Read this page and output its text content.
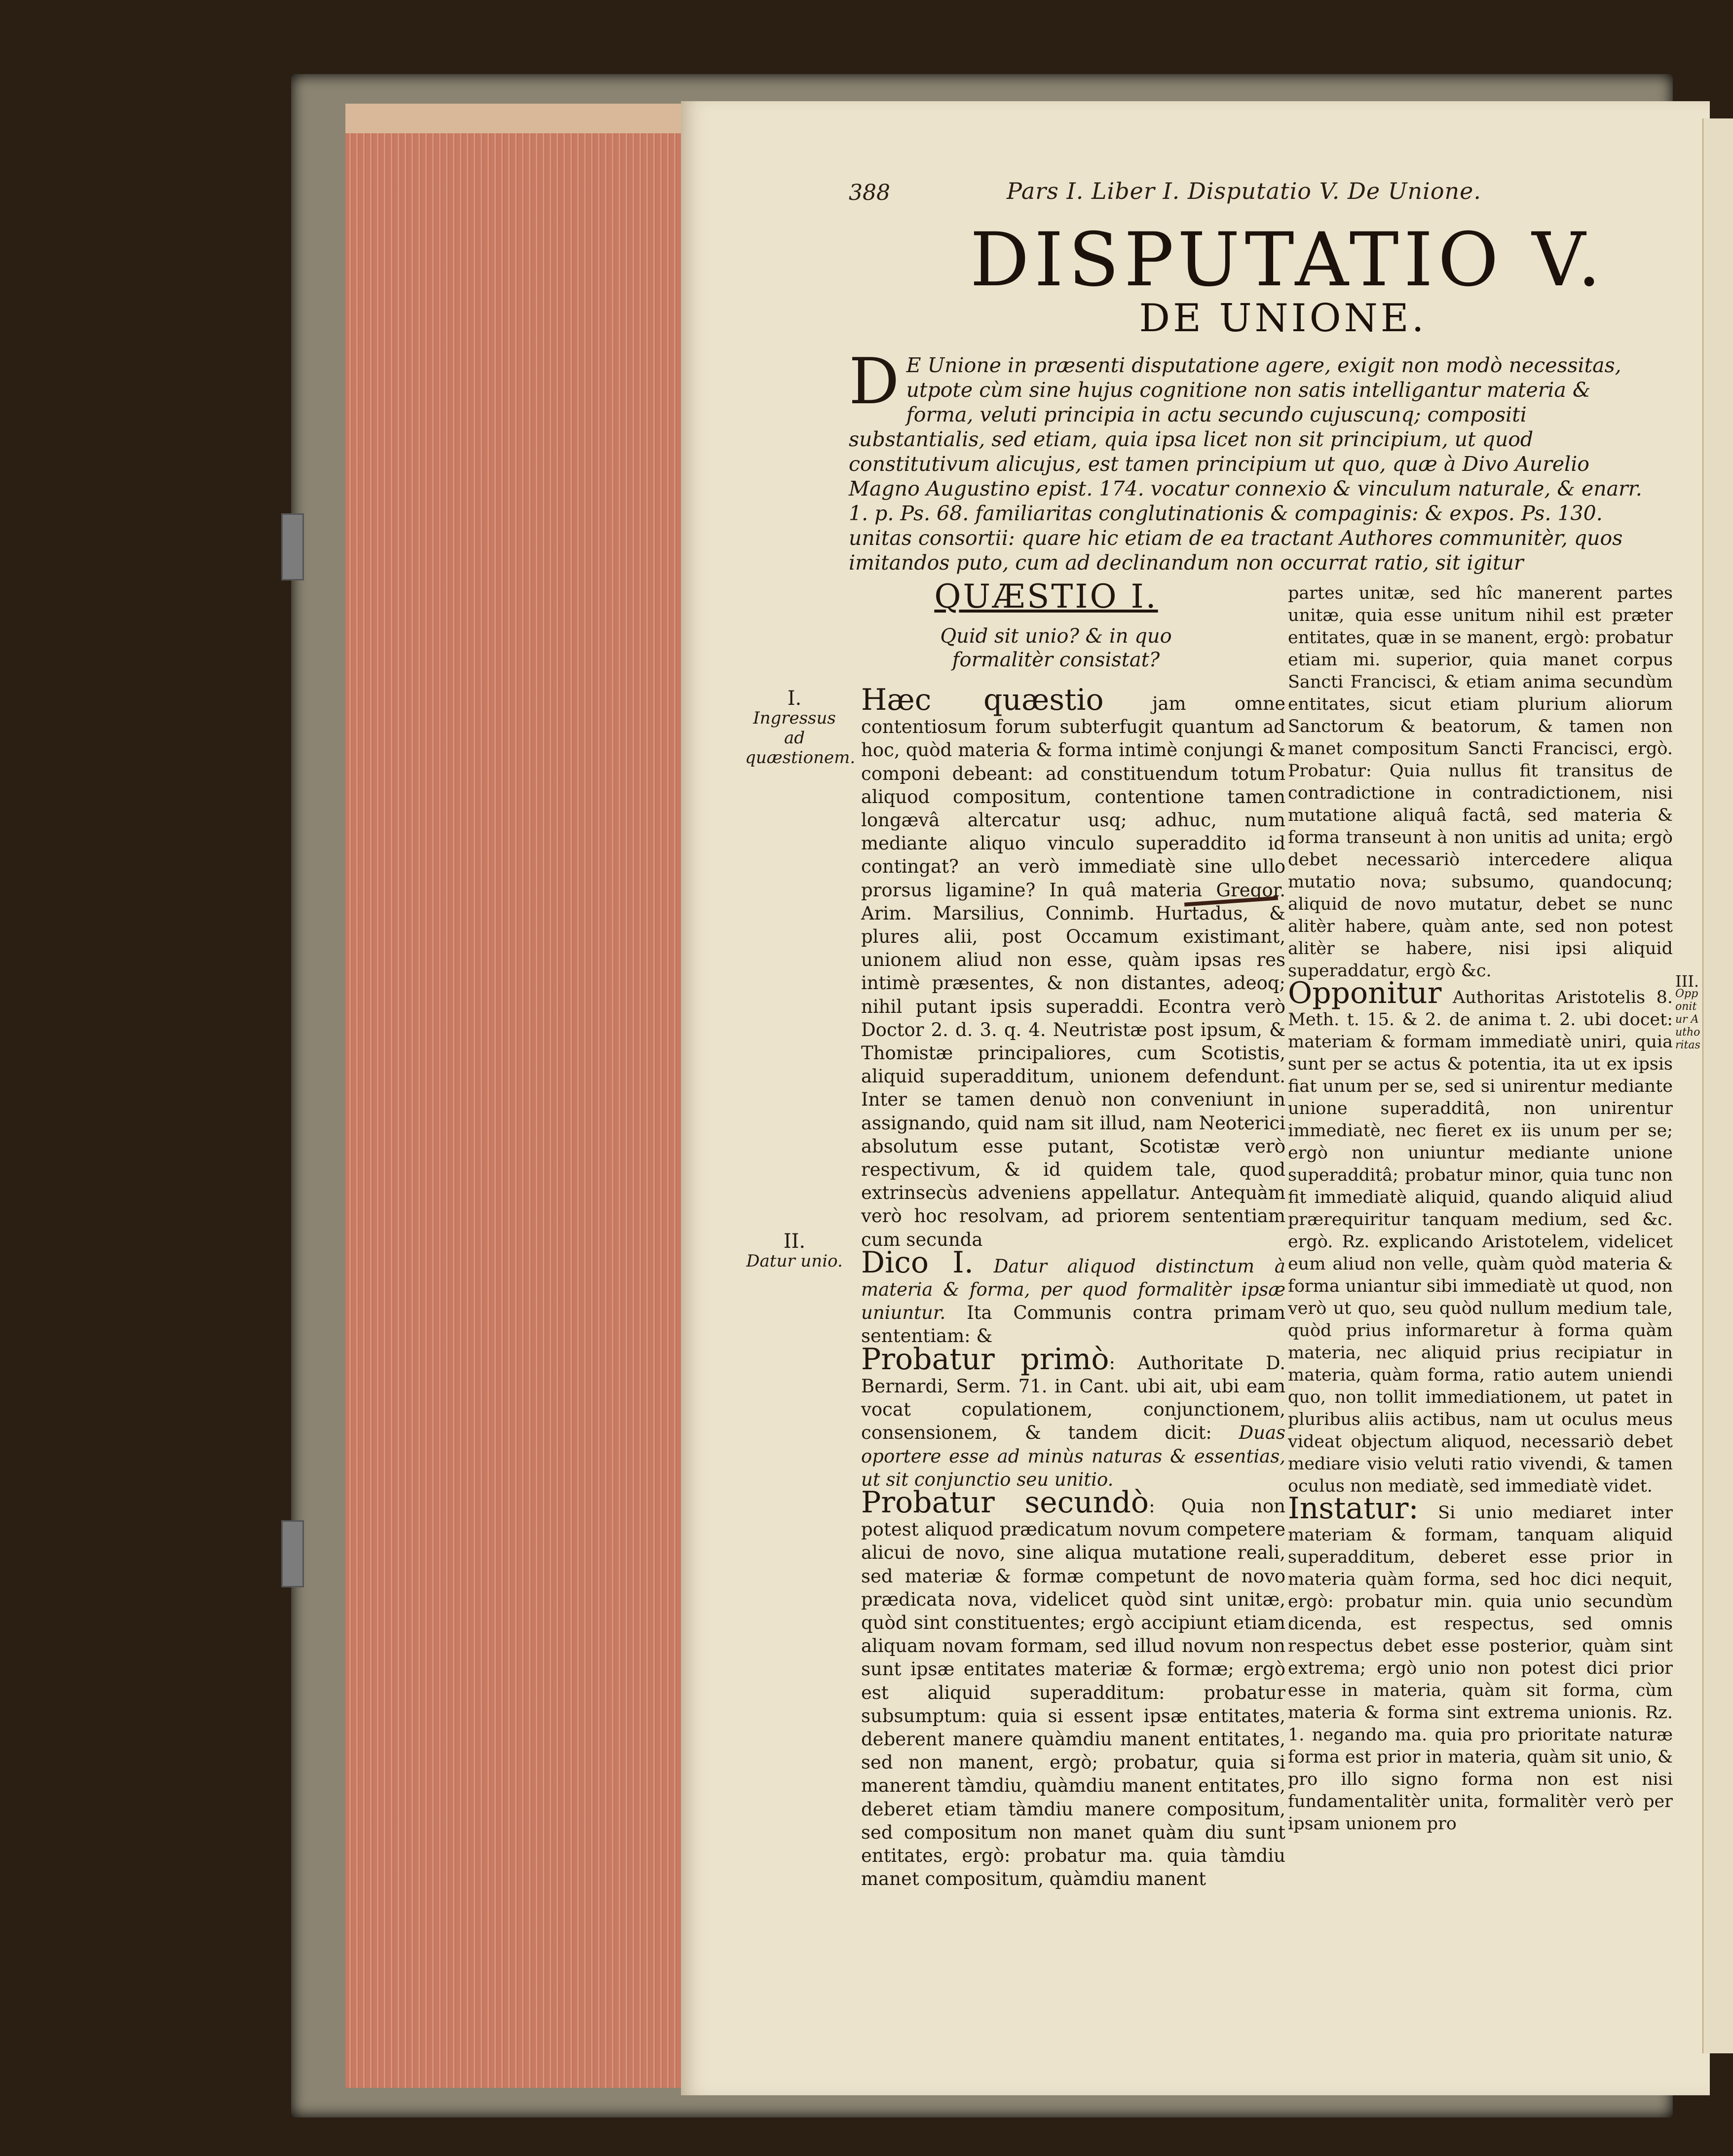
388	Pars I. Liber I. Disputatio V. De Unione.
DISPUTATIO V.
DE UNIONE.
D E Unione in præsenti disputatione agere, exigit non modò necessitas, utpote cùm sine hujus cognitione non satis intelligantur materia & forma, veluti principia in actu secundo cujuscunq; compositi substantialis, sed etiam, quia ipsa licet non sit principium, ut quod constitutivum alicujus, est tamen principium ut quo, quæ à Divo Aurelio Magno Augustino epist. 174. vocatur connexio & vinculum naturale, & enarr. 1. p. Ps. 68. familiaritas conglutinationis & compaginis: & expos. Ps. 130. unitas consortii: quare hic etiam de ea tractant Authores communitèr, quos imitandos puto, cum ad declinandum non occurrat ratio, sit igitur
QUÆSTIO I.
Quid sit unio? & in quo formalitèr consistat?
I.
Ingressus ad quæstionem.
II.
Datur unio.

Hæc quæstio jam omne contentiosum forum subterfugit quantum ad hoc, quòd materia & forma intimè conjungi & componi debeant: ad constituendum totum aliquod compositum, contentione tamen longævâ altercatur usq; adhuc, num mediante aliquo vinculo superaddito id contingat? an verò immediatè sine ullo prorsus ligamine? In quâ materia Gregor. Arim. Marsilius, Connimb. Hurtadus, & plures alii, post Occamum existimant, unionem aliud non esse, quàm ipsas res intimè præsentes, & non distantes, adeoq; nihil putant ipsis superaddi. Econtra verò Doctor 2. d. 3. q. 4. Neutristæ post ipsum, & Thomistæ principaliores, cum Scotistis, aliquid superadditum, unionem defendunt. Inter se tamen denuò non conveniunt in assignando, quid nam sit illud, nam Neoterici absolutum esse putant, Scotistæ verò respectivum, & id quidem tale, quod extrinsecùs adveniens appellatur. Antequàm verò hoc resolvam, ad priorem sententiam cum secunda

Dico I. Datur aliquod distinctum à materia & forma, per quod formalitèr ipsæ uniuntur. Ita Communis contra primam sententiam: &

Probatur primò: Authoritate D. Bernardi, Serm. 71. in Cant. ubi ait, ubi eam vocat copulationem, conjunctionem, consensionem, & tandem dicit: Duas oportere esse ad minùs naturas & essentias, ut sit conjunctio seu unitio.

Probatur secundò: Quia non potest aliquod prædicatum novum competere alicui de novo, sine aliqua mutatione reali, sed materiæ & formæ competunt de novo prædicata nova, videlicet quòd sint unitæ, quòd sint constituentes; ergò accipiunt etiam aliquam novam formam, sed illud novum non sunt ipsæ entitates materiæ & formæ; ergò est aliquid superadditum: probatur subsumptum: quia si essent ipsæ entitates, deberent manere quàmdiu manent entitates, sed non manent, ergò; probatur, quia si manerent tàmdiu, quàmdiu manent entitates, deberet etiam tàmdiu manere compositum, sed compositum non manet quàm diu sunt entitates, ergò: probatur ma. quia tàmdiu manet compositum, quàmdiu manent

partes unitæ, sed hîc manerent partes unitæ, quia esse unitum nihil est præter entitates, quæ in se manent, ergò: probatur etiam mi. superior, quia manet corpus Sancti Francisci, & etiam anima secundùm entitates, sicut etiam plurium aliorum Sanctorum & beatorum, & tamen non manet compositum Sancti Francisci, ergò. Probatur: Quia nullus fit transitus de contradictione in contradictionem, nisi mutatione aliquâ factâ, sed materia & forma transeunt à non unitis ad unita; ergò debet necessariò intercedere aliqua mutatio nova; subsumo, quandocunq; aliquid de novo mutatur, debet se nunc alitèr habere, quàm ante, sed non potest alitèr se habere, nisi ipsi aliquid superaddatur, ergò &c.

Opponitur Authoritas Aristotelis 8. Meth. t. 15. & 2. de anima t. 2. ubi docet: materiam & formam immediatè uniri, quia sunt per se actus & potentia, ita ut ex ipsis fiat unum per se, sed si unirentur mediante unione superadditâ, non unirentur immediatè, nec fieret ex iis unum per se; ergò non uniuntur mediante unione superadditâ; probatur minor, quia tunc non fit immediatè aliquid, quando aliquid aliud prærequiritur tanquam medium, sed &c. ergò. Rz. explicando Aristotelem, videlicet eum aliud non velle, quàm quòd materia & forma uniantur sibi immediatè ut quod, non verò ut quo, seu quòd nullum medium tale, quòd prius informaretur à forma quàm materia, nec aliquid prius recipiatur in materia, quàm forma, ratio autem uniendi quo, non tollit immediationem, ut patet in pluribus aliis actibus, nam ut oculus meus videat objectum aliquod, necessariò debet mediare visio veluti ratio vivendi, & tamen oculus non mediatè, sed immediatè videt.

Instatur: Si unio mediaret inter materiam & formam, tanquam aliquid superadditum, deberet esse prior in materia quàm forma, sed hoc dici nequit, ergò: probatur min. quia unio secundùm dicenda, est respectus, sed omnis respectus debet esse posterior, quàm sint extrema; ergò unio non potest dici prior esse in materia, quàm sit forma, cùm materia & forma sint extrema unionis. Rz. 1. negando ma. quia pro prioritate naturæ forma est prior in materia, quàm sit unio, & pro illo signo forma non est nisi fundamentalitèr unita, formalitèr verò per ipsam unionem pro

III.
Opponitur Authoritas
